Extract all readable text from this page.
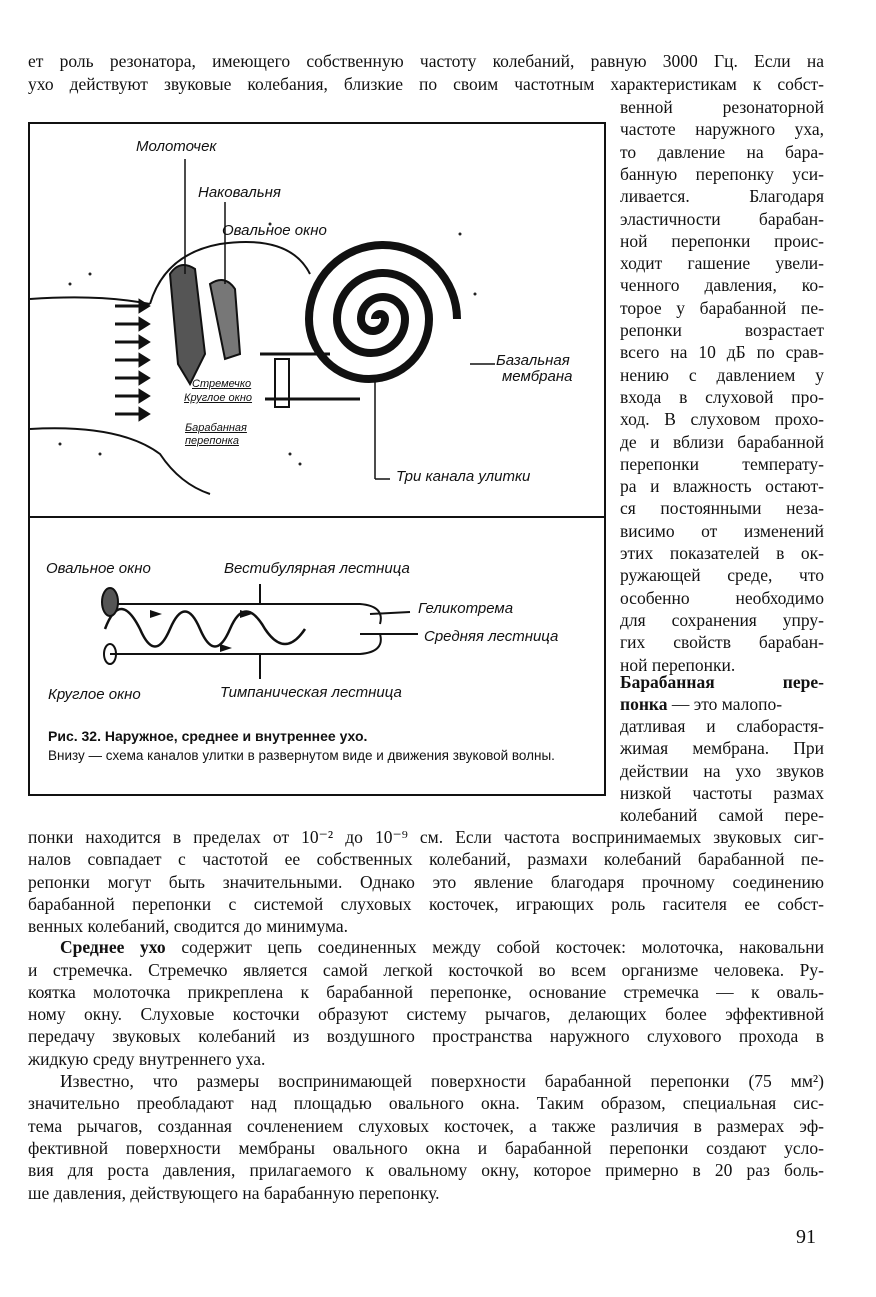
ет роль резонатора, имеющего собственную частоту колебаний, равную 3000 Гц. Если на
ухо действуют звуковые колебания, близкие по своим частотным характеристикам к собст-
венной резонаторной
частоте наружного уха,
то давление на бара-
банную перепонку уси-
ливается. Благодаря
эластичности барабан-
ной перепонки проис-
ходит гашение увели-
ченного давления, ко-
торое у барабанной пе-
репонки возрастает
всего на 10 дБ по срав-
нению с давлением у
входа в слуховой про-
ход. В слуховом прохо-
де и вблизи барабанной
перепонки температу-
ра и влажность остают-
ся постоянными неза-
висимо от изменений
этих показателей в ок-
ружающей среде, что
особенно необходимо
для сохранения упру-
гих свойств барабан-
ной перепонки.
Молоточек
Наковальня
Овальное окно
Базальная
мембрана
Стремечко
Круглое окно
Барабанная
перепонка
Три канала улитки
Овальное окно	Вестибулярная лестница
Геликотрема
Средняя лестница
Круглое окно	Тимпаническая лестница
Рис. 32. Наружное, среднее и внутреннее ухо.
Внизу — схема каналов улитки в развернутом виде и движения звуковой волны.
Барабанная пере-
понка — это малопо-
датливая и слаборастя-
жимая мембрана. При
действии на ухо звуков
низкой частоты размах
колебаний самой пере-
понки находится в пределах от 10⁻² до 10⁻⁹ см. Если частота воспринимаемых звуковых сиг-
налов совпадает с частотой ее собственных колебаний, размахи колебаний барабанной пе-
репонки могут быть значительными. Однако это явление благодаря прочному соединению
барабанной перепонки с системой слуховых косточек, играющих роль гасителя ее собст-
венных колебаний, сводится до минимума.
Среднее ухо содержит цепь соединенных между собой косточек: молоточка, наковальни
и стремечка. Стремечко является самой легкой косточкой во всем организме человека. Ру-
коятка молоточка прикреплена к барабанной перепонке, основание стремечка — к оваль-
ному окну. Слуховые косточки образуют систему рычагов, делающих более эффективной
передачу звуковых колебаний из воздушного пространства наружного слухового прохода в
жидкую среду внутреннего уха.
Известно, что размеры воспринимающей поверхности барабанной перепонки (75 мм²)
значительно преобладают над площадью овального окна. Таким образом, специальная сис-
тема рычагов, созданная сочленением слуховых косточек, а также различия в размерах эф-
фективной поверхности мембраны овального окна и барабанной перепонки создают усло-
вия для роста давления, прилагаемого к овальному окну, которое примерно в 20 раз боль-
ше давления, действующего на барабанную перепонку.
91
